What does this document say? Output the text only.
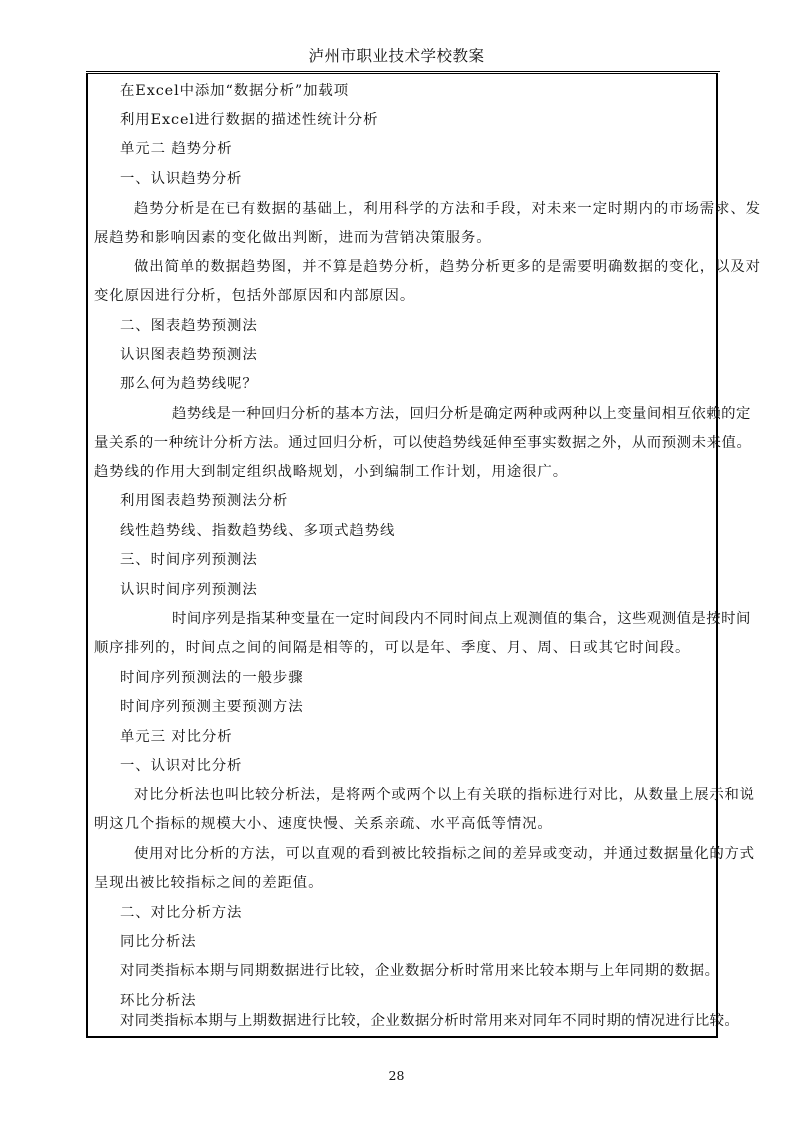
泸州市职业技术学校教案
在Excel中添加“数据分析”加载项
利用Excel进行数据的描述性统计分析
单元二 趋势分析
一、认识趋势分析
趋势分析是在已有数据的基础上，利用科学的方法和手段，对未来一定时期内的市场需求、发
展趋势和影响因素的变化做出判断，进而为营销决策服务。
做出简单的数据趋势图，并不算是趋势分析，趋势分析更多的是需要明确数据的变化，以及对
变化原因进行分析，包括外部原因和内部原因。
二、图表趋势预测法
认识图表趋势预测法
那么何为趋势线呢？
趋势线是一种回归分析的基本方法，回归分析是确定两种或两种以上变量间相互依赖的定
量关系的一种统计分析方法。通过回归分析，可以使趋势线延伸至事实数据之外，从而预测未来值。
趋势线的作用大到制定组织战略规划，小到编制工作计划，用途很广。
利用图表趋势预测法分析
线性趋势线、指数趋势线、多项式趋势线
三、时间序列预测法
认识时间序列预测法
时间序列是指某种变量在一定时间段内不同时间点上观测值的集合，这些观测值是按时间
顺序排列的，时间点之间的间隔是相等的，可以是年、季度、月、周、日或其它时间段。
时间序列预测法的一般步骤
时间序列预测主要预测方法
单元三 对比分析
一、认识对比分析
对比分析法也叫比较分析法，是将两个或两个以上有关联的指标进行对比，从数量上展示和说
明这几个指标的规模大小、速度快慢、关系亲疏、水平高低等情况。
使用对比分析的方法，可以直观的看到被比较指标之间的差异或变动，并通过数据量化的方式
呈现出被比较指标之间的差距值。
二、对比分析方法
同比分析法
对同类指标本期与同期数据进行比较，企业数据分析时常用来比较本期与上年同期的数据。
环比分析法
对同类指标本期与上期数据进行比较，企业数据分析时常用来对同年不同时期的情况进行比较。
28
